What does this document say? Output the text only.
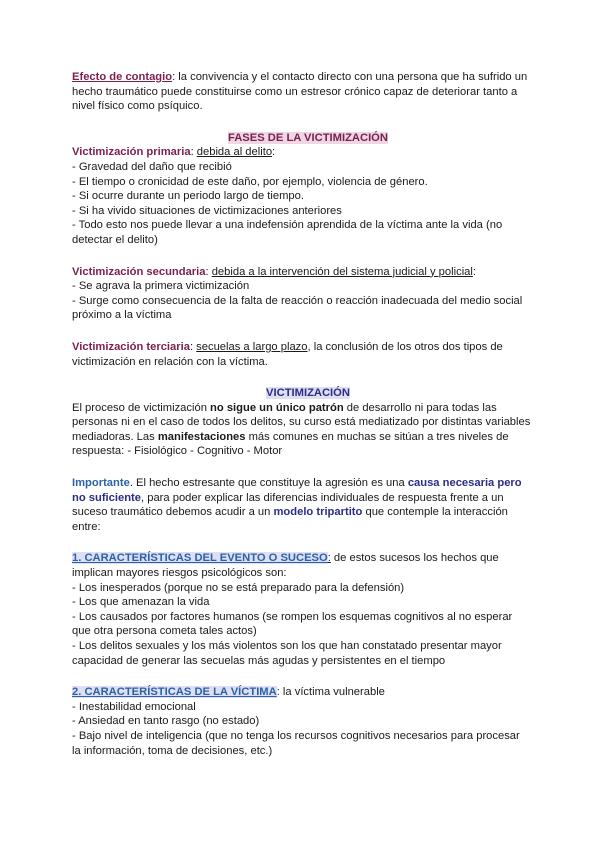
Efecto de contagio: la convivencia y el contacto directo con una persona que ha sufrido un
hecho traumático puede constituirse como un estresor crónico capaz de deteriorar tanto a
nivel físico como psíquico.

FASES DE LA VICTIMIZACIÓN

Victimización primaria: debida al delito:
- Gravedad del daño que recibió
- El tiempo o cronicidad de este daño, por ejemplo, violencia de género.
- Si ocurre durante un periodo largo de tiempo.
- Si ha vivido situaciones de victimizaciones anteriores
- Todo esto nos puede llevar a una indefensión aprendida de la víctima ante la vida (no
detectar el delito)

Victimización secundaria: debida a la intervención del sistema judicial y policial:
- Se agrava la primera victimización
- Surge como consecuencia de la falta de reacción o reacción inadecuada del medio social
próximo a la víctima

Victimización terciaria: secuelas a largo plazo, la conclusión de los otros dos tipos de
victimización en relación con la víctima.

VICTIMIZACIÓN

El proceso de victimización no sigue un único patrón de desarrollo ni para todas las
personas ni en el caso de todos los delitos, su curso está mediatizado por distintas variables
mediadoras. Las manifestaciones más comunes en muchas se sitúan a tres niveles de
respuesta: - Fisiológico - Cognitivo - Motor

Importante. El hecho estresante que constituye la agresión es una causa necesaria pero
no suficiente, para poder explicar las diferencias individuales de respuesta frente a un
suceso traumático debemos acudir a un modelo tripartito que contemple la interacción
entre:

1. CARACTERÍSTICAS DEL EVENTO O SUCESO: de estos sucesos los hechos que
implican mayores riesgos psicológicos son:
- Los inesperados (porque no se está preparado para la defensión)
- Los que amenazan la vida
- Los causados por factores humanos (se rompen los esquemas cognitivos al no esperar
que otra persona cometa tales actos)
- Los delitos sexuales y los más violentos son los que han constatado presentar mayor
capacidad de generar las secuelas más agudas y persistentes en el tiempo

2. CARACTERÍSTICAS DE LA VÍCTIMA: la víctima vulnerable
- Inestabilidad emocional
- Ansiedad en tanto rasgo (no estado)
- Bajo nivel de inteligencia (que no tenga los recursos cognitivos necesarios para procesar
la información, toma de decisiones, etc.)
